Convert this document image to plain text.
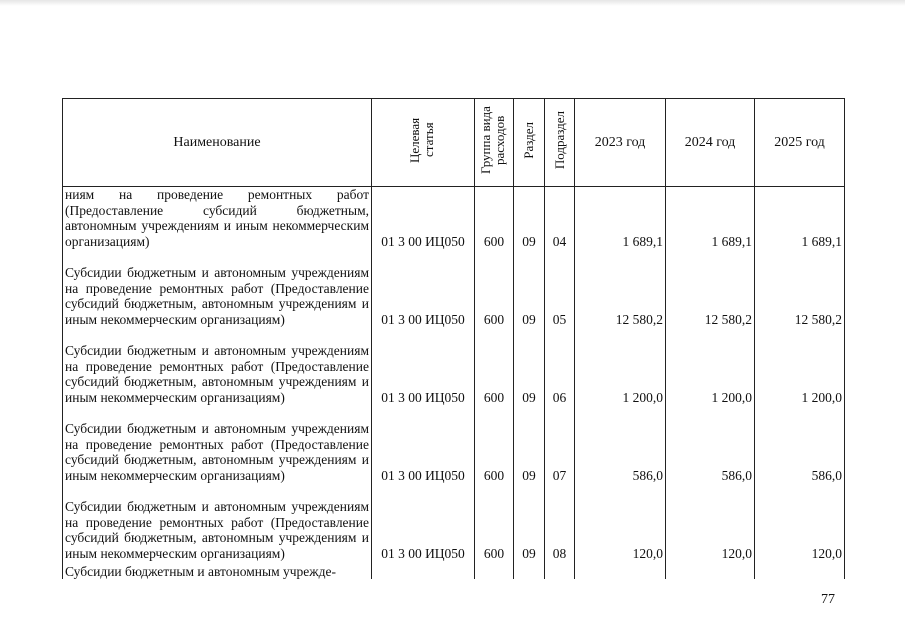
Наименование	Целевая статья	Группа вида расходов	Раздел	Подраздел	2023 год	2024 год	2025 год
ниям на проведение ремонтных работ (Предоставление субсидий бюджетным, автономным учреждениям и иным некоммерческим организациям)	01 3 00 ИЦ050	600	09	04	1 689,1	1 689,1	1 689,1
Субсидии бюджетным и автономным учреждениям на проведение ремонтных работ (Предоставление субсидий бюджетным, автономным учреждениям и иным некоммерческим организациям)	01 3 00 ИЦ050	600	09	05	12 580,2	12 580,2	12 580,2
Субсидии бюджетным и автономным учреждениям на проведение ремонтных работ (Предоставление субсидий бюджетным, автономным учреждениям и иным некоммерческим организациям)	01 3 00 ИЦ050	600	09	06	1 200,0	1 200,0	1 200,0
Субсидии бюджетным и автономным учреждениям на проведение ремонтных работ (Предоставление субсидий бюджетным, автономным учреждениям и иным некоммерческим организациям)	01 3 00 ИЦ050	600	09	07	586,0	586,0	586,0
Субсидии бюджетным и автономным учреждениям на проведение ремонтных работ (Предоставление субсидий бюджетным, автономным учреждениям и иным некоммерческим организациям)	01 3 00 ИЦ050	600	09	08	120,0	120,0	120,0
Субсидии бюджетным и автономным учрежде-							
77
